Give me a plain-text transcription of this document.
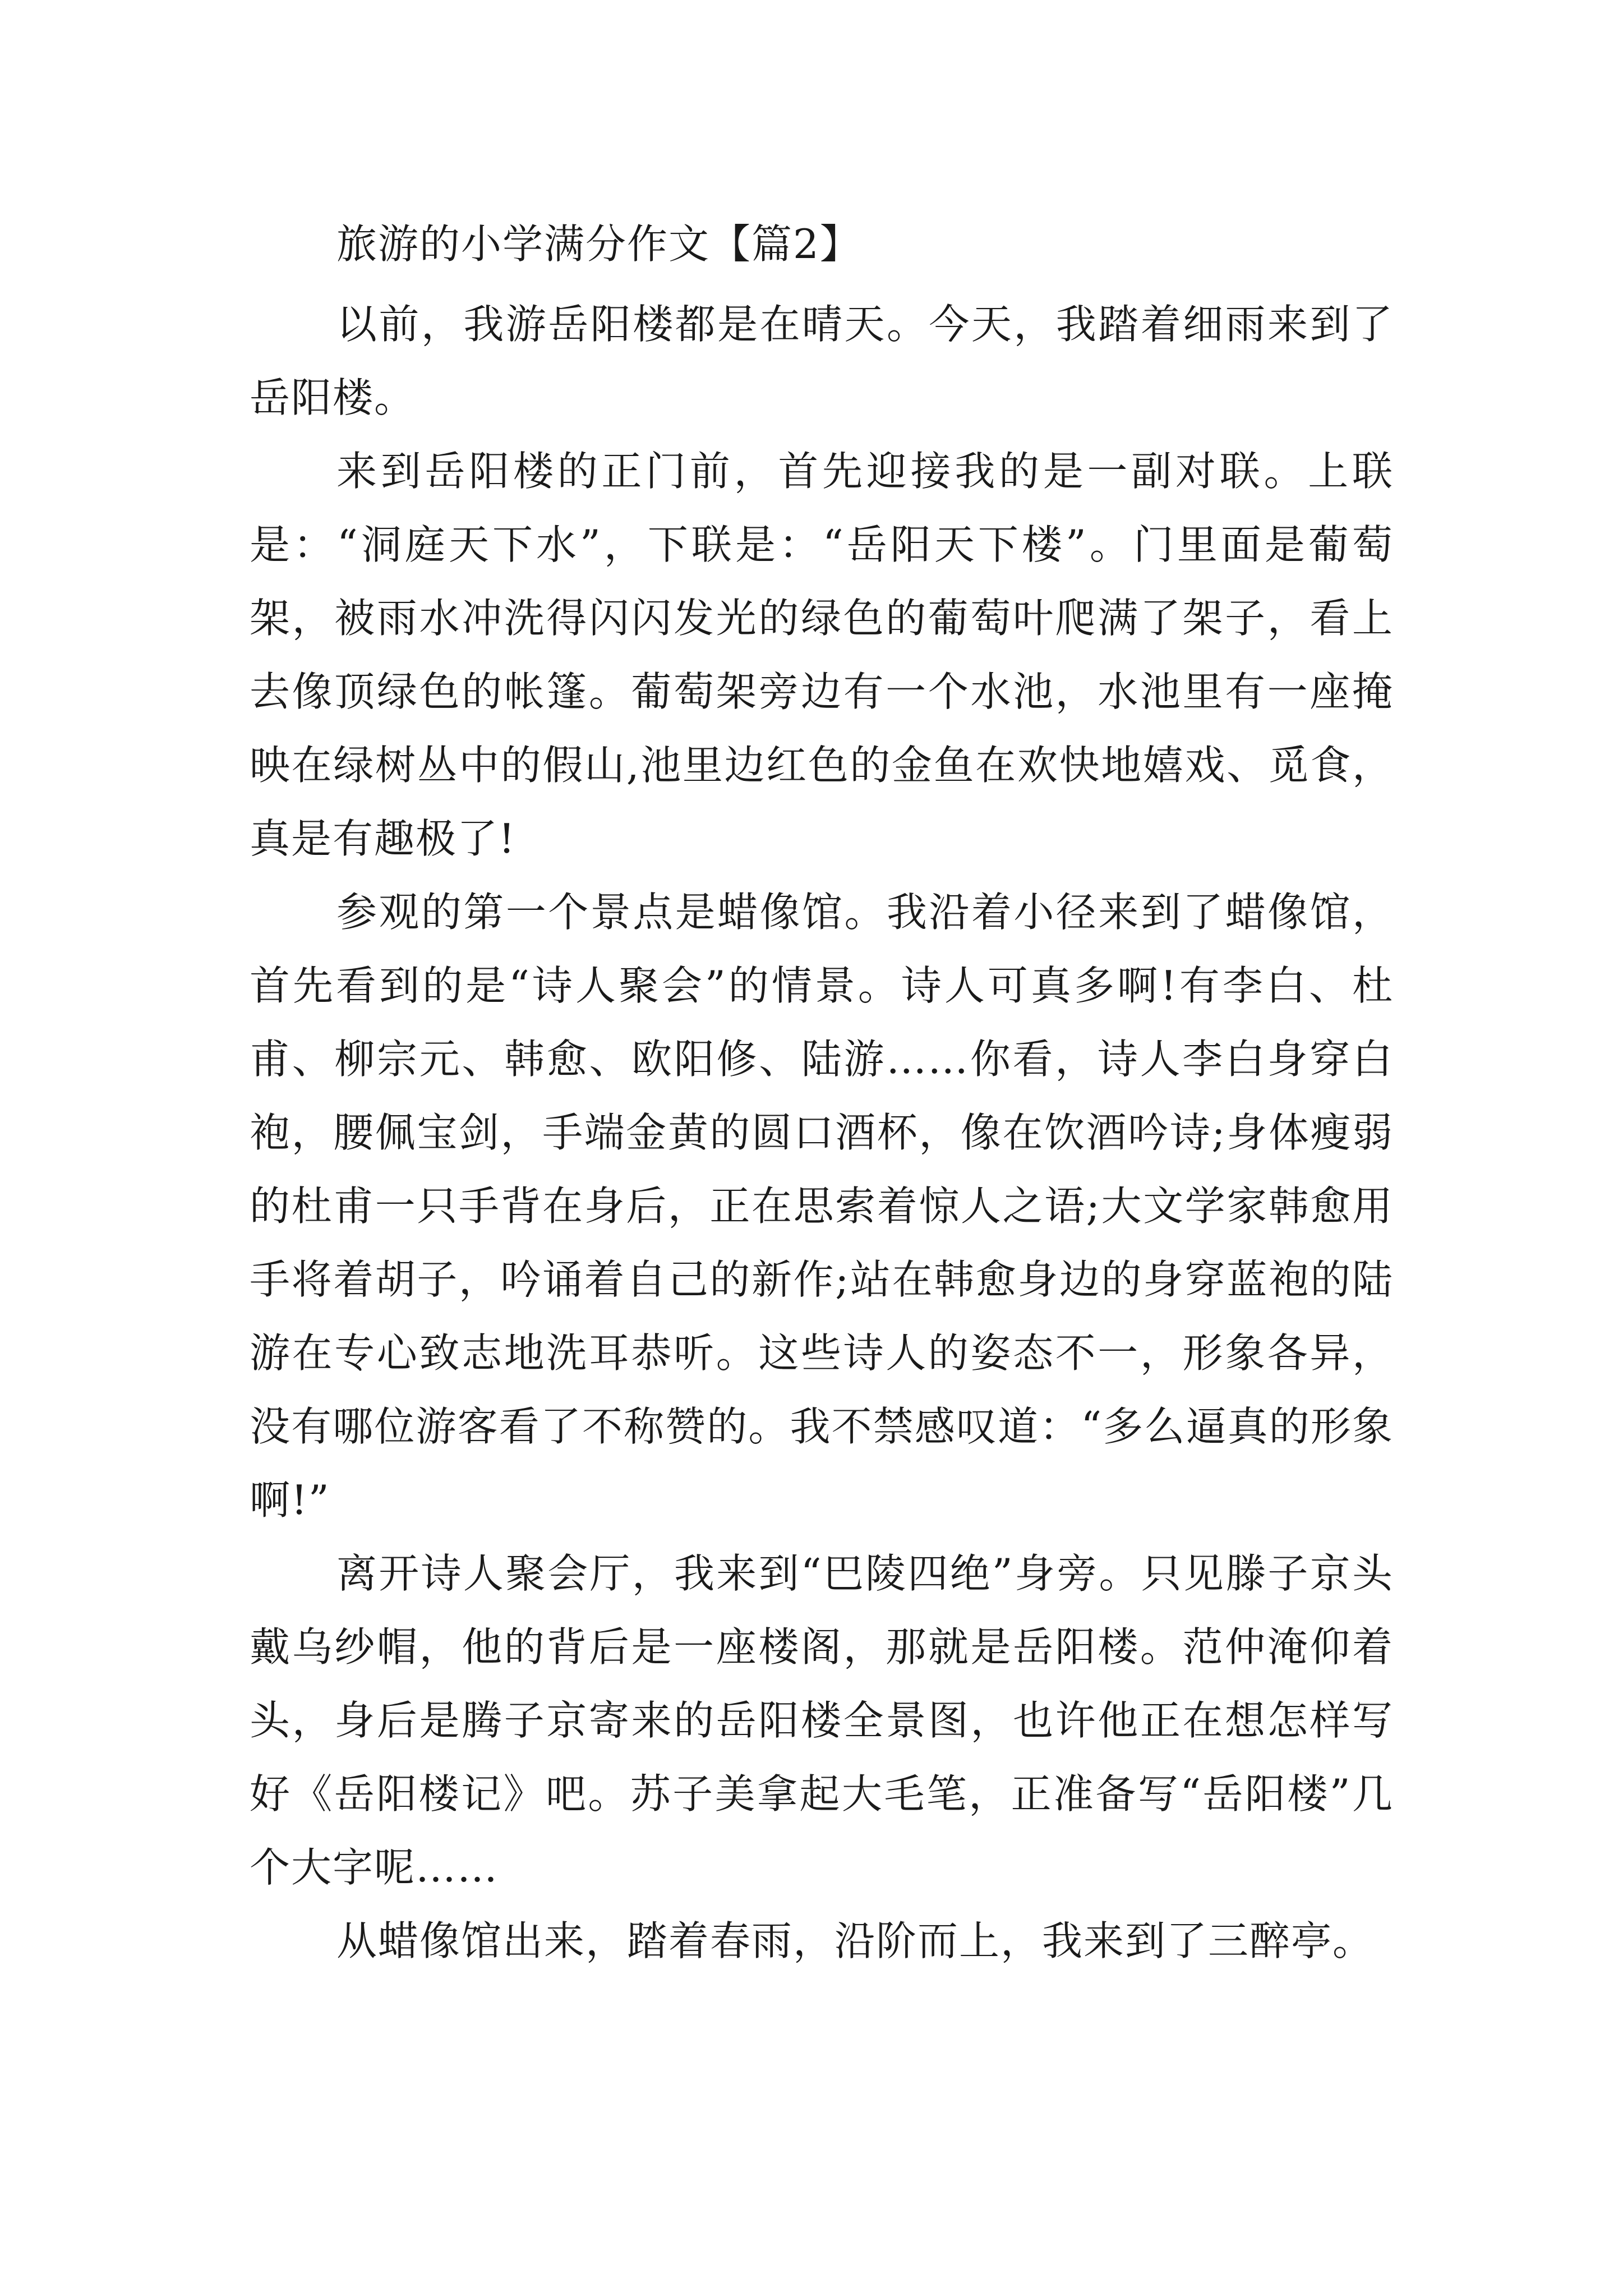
旅游的小学满分作文【篇2】

以前，我游岳阳楼都是在晴天。今天，我踏着细雨来到了岳阳楼。

来到岳阳楼的正门前，首先迎接我的是一副对联。上联是：“洞庭天下水”，下联是：“岳阳天下楼”。门里面是葡萄架，被雨水冲洗得闪闪发光的绿色的葡萄叶爬满了架子，看上去像顶绿色的帐篷。葡萄架旁边有一个水池，水池里有一座掩映在绿树丛中的假山,池里边红色的金鱼在欢快地嬉戏、觅食，真是有趣极了!

参观的第一个景点是蜡像馆。我沿着小径来到了蜡像馆，首先看到的是“诗人聚会”的情景。诗人可真多啊!有李白、杜甫、柳宗元、韩愈、欧阳修、陆游……你看，诗人李白身穿白袍，腰佩宝剑，手端金黄的圆口酒杯，像在饮酒吟诗;身体瘦弱的杜甫一只手背在身后，正在思索着惊人之语;大文学家韩愈用手将着胡子，吟诵着自己的新作;站在韩愈身边的身穿蓝袍的陆游在专心致志地洗耳恭听。这些诗人的姿态不一，形象各异，没有哪位游客看了不称赞的。我不禁感叹道：“多么逼真的形象啊!”

离开诗人聚会厅，我来到“巴陵四绝”身旁。只见滕子京头戴乌纱帽，他的背后是一座楼阁，那就是岳阳楼。范仲淹仰着头，身后是腾子京寄来的岳阳楼全景图，也许他正在想怎样写好《岳阳楼记》吧。苏子美拿起大毛笔，正准备写“岳阳楼”几个大字呢……

从蜡像馆出来，踏着春雨，沿阶而上，我来到了三醉亭。
